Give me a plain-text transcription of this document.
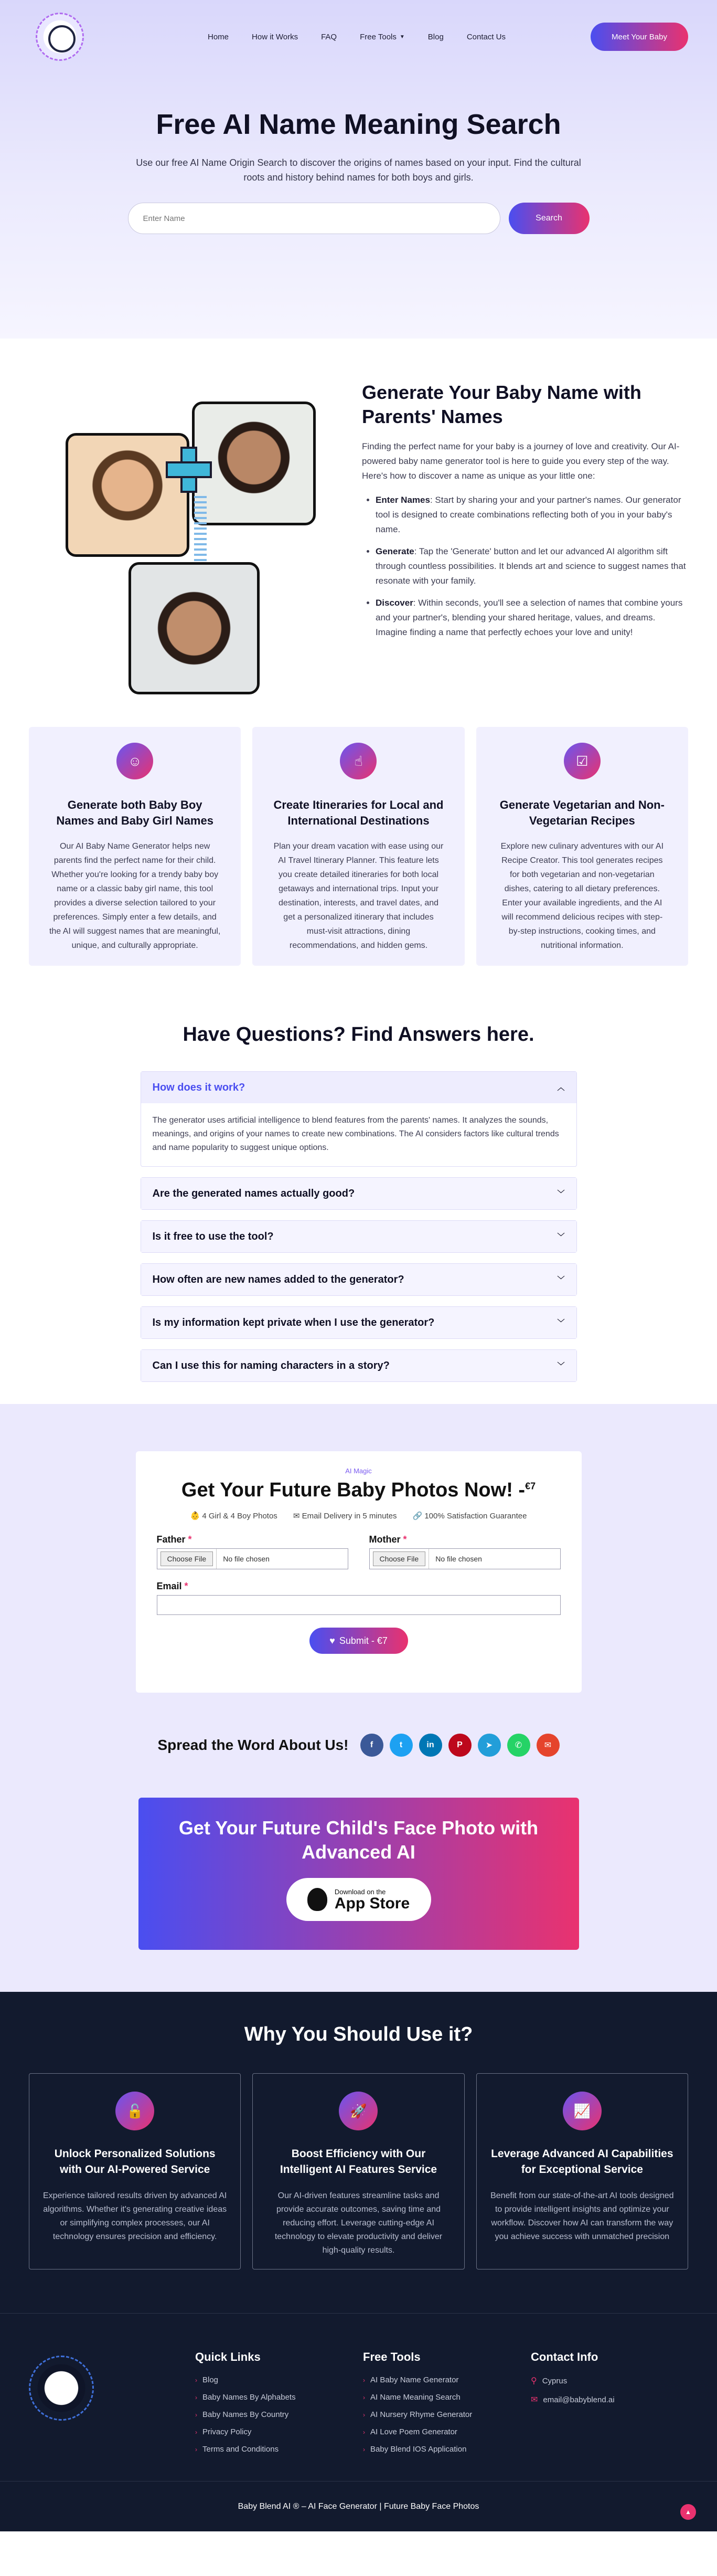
Home	How it Works	FAQ	Free Tools ▼	Blog	Contact Us	Meet Your Baby
Free AI Name Meaning Search

Use our free AI Name Origin Search to discover the origins of names based on your input. Find the cultural roots and history behind names for both boys and girls.

Enter Name
Search
Generate Your Baby Name with Parents' Names

Finding the perfect name for your baby is a journey of love and creativity. Our AI-powered baby name generator tool is here to guide you every step of the way. Here's how to discover a name as unique as your little one:

• Enter Names: Start by sharing your and your partner's names. Our generator tool is designed to create combinations reflecting both of you in your baby's name.
• Generate: Tap the 'Generate' button and let our advanced AI algorithm sift through countless possibilities. It blends art and science to suggest names that resonate with your family.
• Discover: Within seconds, you'll see a selection of names that combine yours and your partner's, blending your shared heritage, values, and dreams. Imagine finding a name that perfectly echoes your love and unity!
☺
Generate both Baby Boy Names and Baby Girl Names

Our AI Baby Name Generator helps new parents find the perfect name for their child. Whether you're looking for a trendy baby boy name or a classic baby girl name, this tool provides a diverse selection tailored to your preferences. Simply enter a few details, and the AI will suggest names that are meaningful, unique, and culturally appropriate.

☝
Create Itineraries for Local and International Destinations

Plan your dream vacation with ease using our AI Travel Itinerary Planner. This feature lets you create detailed itineraries for both local getaways and international trips. Input your destination, interests, and travel dates, and get a personalized itinerary that includes must-visit attractions, dining recommendations, and hidden gems.

☑
Generate Vegetarian and Non-Vegetarian Recipes

Explore new culinary adventures with our AI Recipe Creator. This tool generates recipes for both vegetarian and non-vegetarian dishes, catering to all dietary preferences. Enter your available ingredients, and the AI will recommend delicious recipes with step-by-step instructions, cooking times, and nutritional information.

Have Questions? Find Answers here.
How does it work?	︿

The generator uses artificial intelligence to blend features from the parents' names. It analyzes the sounds, meanings, and origins of your names to create new combinations. The AI considers factors like cultural trends and name popularity to suggest unique options.

Are the generated names actually good?	﹀
Is it free to use the tool?	﹀
How often are new names added to the generator?	﹀
Is my information kept private when I use the generator?	﹀
Can I use this for naming characters in a story?	﹀
AI Magic
Get Your Future Baby Photos Now! -$^{€7}$
👶 4 Girl & 4 Boy Photos ✉ Email Delivery in 5 minutes 🔗 100% Satisfaction Guarantee
Father *
Choose File	No file chosen
Mother *
Choose File	No file chosen
Email *
♥ Submit - €7
Spread the Word About Us!	f	t	in	P	➤	✆	✉
Get Your Future Child's Face Photo with Advanced AI
Download on the
App Store
Why You Should Use it?
🔓
Unlock Personalized Solutions with Our AI-Powered Service

Experience tailored results driven by advanced AI algorithms. Whether it's generating creative ideas or simplifying complex processes, our AI technology ensures precision and efficiency.

🚀
Boost Efficiency with Our Intelligent AI Features Service

Our AI-driven features streamline tasks and provide accurate outcomes, saving time and reducing effort. Leverage cutting-edge AI technology to elevate productivity and deliver high-quality results.

📈
Leverage Advanced AI Capabilities for Exceptional Service

Benefit from our state-of-the-art AI tools designed to provide intelligent insights and optimize your workflow. Discover how AI can transform the way you achieve success with unmatched precision

Quick Links
› Blog
› Baby Names By Alphabets
› Baby Names By Country
› Privacy Policy
› Terms and Conditions
Free Tools
› AI Baby Name Generator
› AI Name Meaning Search
› AI Nursery Rhyme Generator
› AI Love Poem Generator
› Baby Blend IOS Application
Contact Info
⚲ Cyprus
✉ email@babyblend.ai
Baby Blend AI ® – AI Face Generator | Future Baby Face Photos
▲
